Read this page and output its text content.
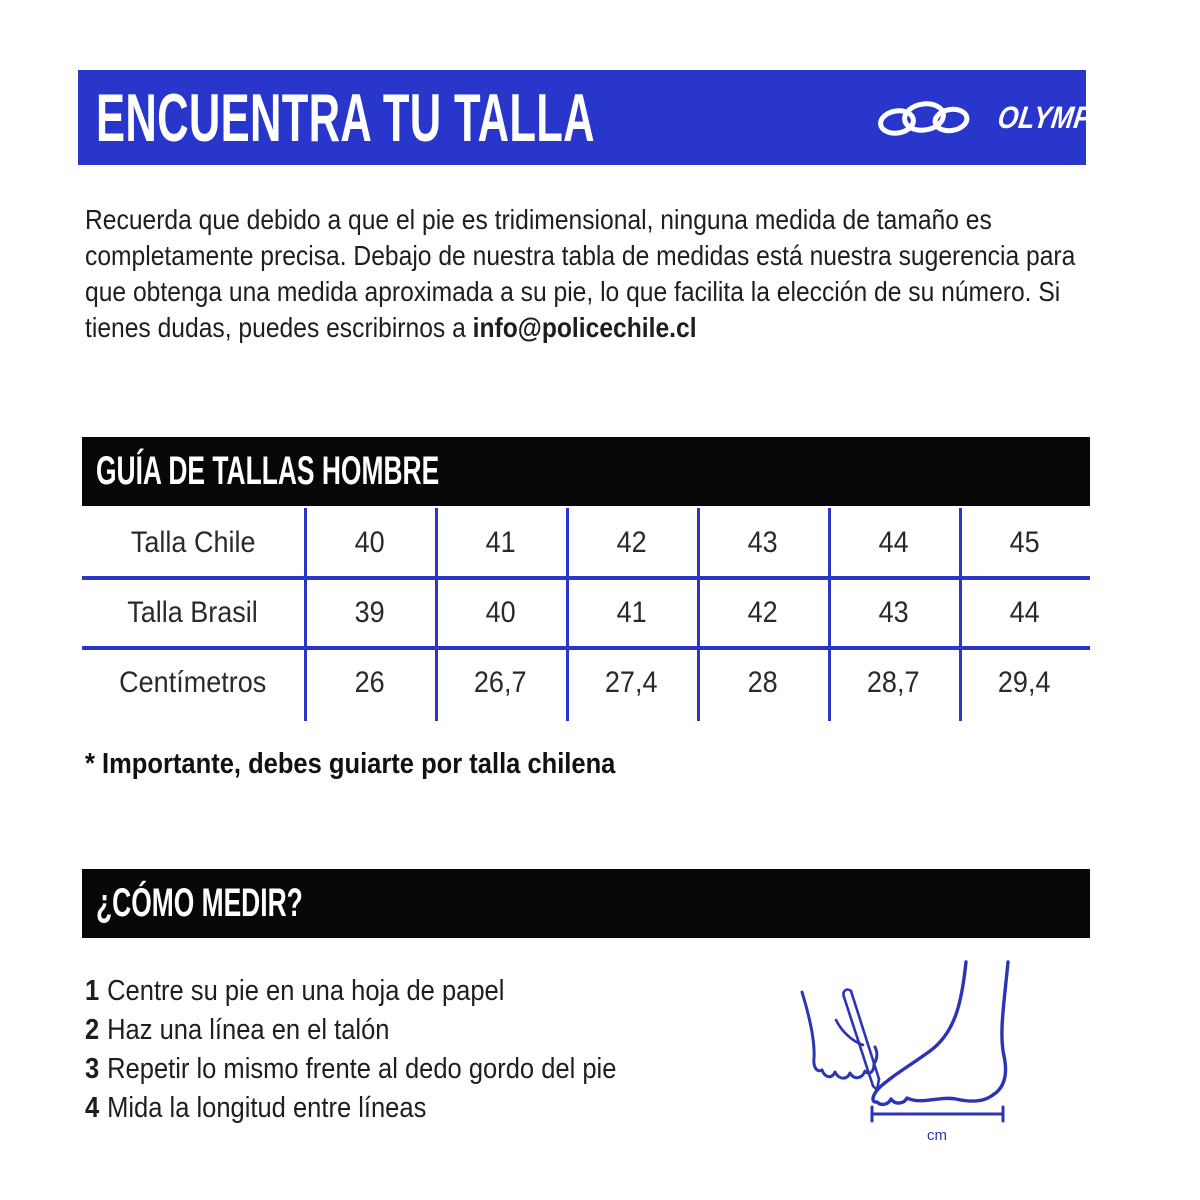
ENCUENTRA TU TALLA	OLYMPIKUS

Recuerda que debido a que el pie es tridimensional, ninguna medida de tamaño es completamente precisa. Debajo de nuestra tabla de medidas está nuestra sugerencia para que obtenga una medida aproximada a su pie, lo que facilita la elección de su número. Si tienes dudas, puedes escribirnos a info@policechile.cl

GUÍA DE TALLAS HOMBRE
Talla Chile	40	41	42	43	44	45
Talla Brasil	39	40	41	42	43	44
Centímetros	26	26,7	27,4	28	28,7	29,4

* Importante, debes guiarte por talla chilena

¿CÓMO MEDIR?
1 Centre su pie en una hoja de papel
2 Haz una línea en el talón
3 Repetir lo mismo frente al dedo gordo del pie
4 Mida la longitud entre líneas
cm
